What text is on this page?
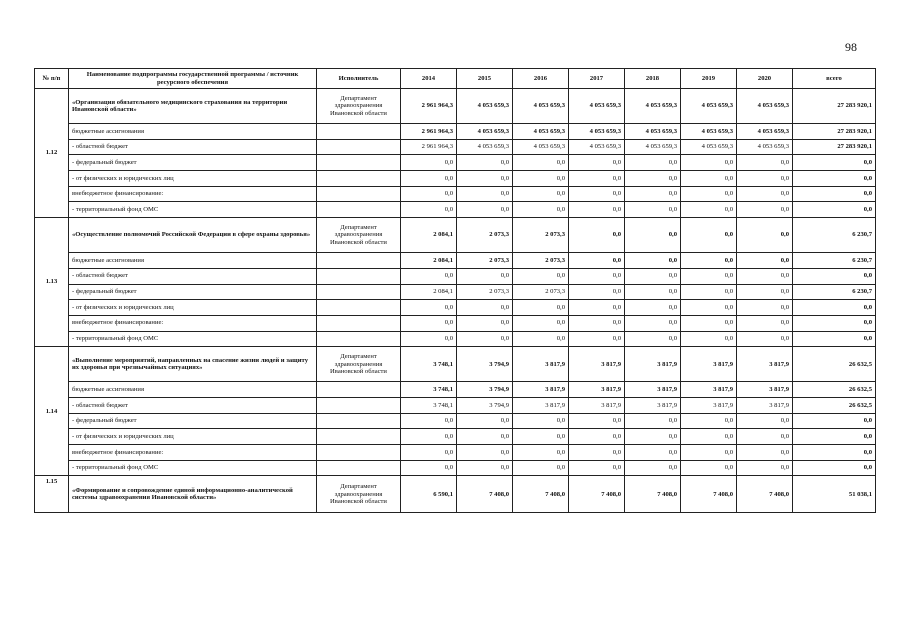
98
№ п/п	Наименование подпрограммы государственной программы / источник ресурсного обеспечения	Исполнитель	2014	2015	2016	2017	2018	2019	2020	всего
1.12	«Организация обязательного медицинского страхования на территории Ивановской области»	Департамент здравоохранения Ивановской области	2 961 964,3	4 053 659,3	4 053 659,3	4 053 659,3	4 053 659,3	4 053 659,3	4 053 659,3	27 283 920,1
	бюджетные ассигнования		2 961 964,3	4 053 659,3	4 053 659,3	4 053 659,3	4 053 659,3	4 053 659,3	4 053 659,3	27 283 920,1
	- областной бюджет		2 961 964,3	4 053 659,3	4 053 659,3	4 053 659,3	4 053 659,3	4 053 659,3	4 053 659,3	27 283 920,1
	- федеральный бюджет		0,0	0,0	0,0	0,0	0,0	0,0	0,0	0,0
	- от физических и юридических лиц		0,0	0,0	0,0	0,0	0,0	0,0	0,0	0,0
	внебюджетное финансирование:		0,0	0,0	0,0	0,0	0,0	0,0	0,0	0,0
	- территориальный фонд ОМС		0,0	0,0	0,0	0,0	0,0	0,0	0,0	0,0
1.13	«Осуществление полномочий Российской Федерации в сфере охраны здоровья»	Департамент здравоохранения Ивановской области	2 084,1	2 073,3	2 073,3	0,0	0,0	0,0	0,0	6 230,7
	бюджетные ассигнования		2 084,1	2 073,3	2 073,3	0,0	0,0	0,0	0,0	6 230,7
	- областной бюджет		0,0	0,0	0,0	0,0	0,0	0,0	0,0	0,0
	- федеральный бюджет		2 084,1	2 073,3	2 073,3	0,0	0,0	0,0	0,0	6 230,7
	- от физических и юридических лиц		0,0	0,0	0,0	0,0	0,0	0,0	0,0	0,0
	внебюджетное финансирование:		0,0	0,0	0,0	0,0	0,0	0,0	0,0	0,0
	- территориальный фонд ОМС		0,0	0,0	0,0	0,0	0,0	0,0	0,0	0,0
1.14	«Выполнение мероприятий, направленных на спасение жизни людей и защиту их здоровья при чрезвычайных ситуациях»	Департамент здравоохранения Ивановской области	3 748,1	3 794,9	3 817,9	3 817,9	3 817,9	3 817,9	3 817,9	26 632,5
	бюджетные ассигнования		3 748,1	3 794,9	3 817,9	3 817,9	3 817,9	3 817,9	3 817,9	26 632,5
	- областной бюджет		3 748,1	3 794,9	3 817,9	3 817,9	3 817,9	3 817,9	3 817,9	26 632,5
	- федеральный бюджет		0,0	0,0	0,0	0,0	0,0	0,0	0,0	0,0
	- от физических и юридических лиц		0,0	0,0	0,0	0,0	0,0	0,0	0,0	0,0
	внебюджетное финансирование:		0,0	0,0	0,0	0,0	0,0	0,0	0,0	0,0
	- территориальный фонд ОМС		0,0	0,0	0,0	0,0	0,0	0,0	0,0	0,0
1.15	«Формирование и сопровождение единой информационно-аналитической системы здравоохранения Ивановской области»	Департамент здравоохранения Ивановской области	6 590,1	7 408,0	7 408,0	7 408,0	7 408,0	7 408,0	7 408,0	51 038,1
